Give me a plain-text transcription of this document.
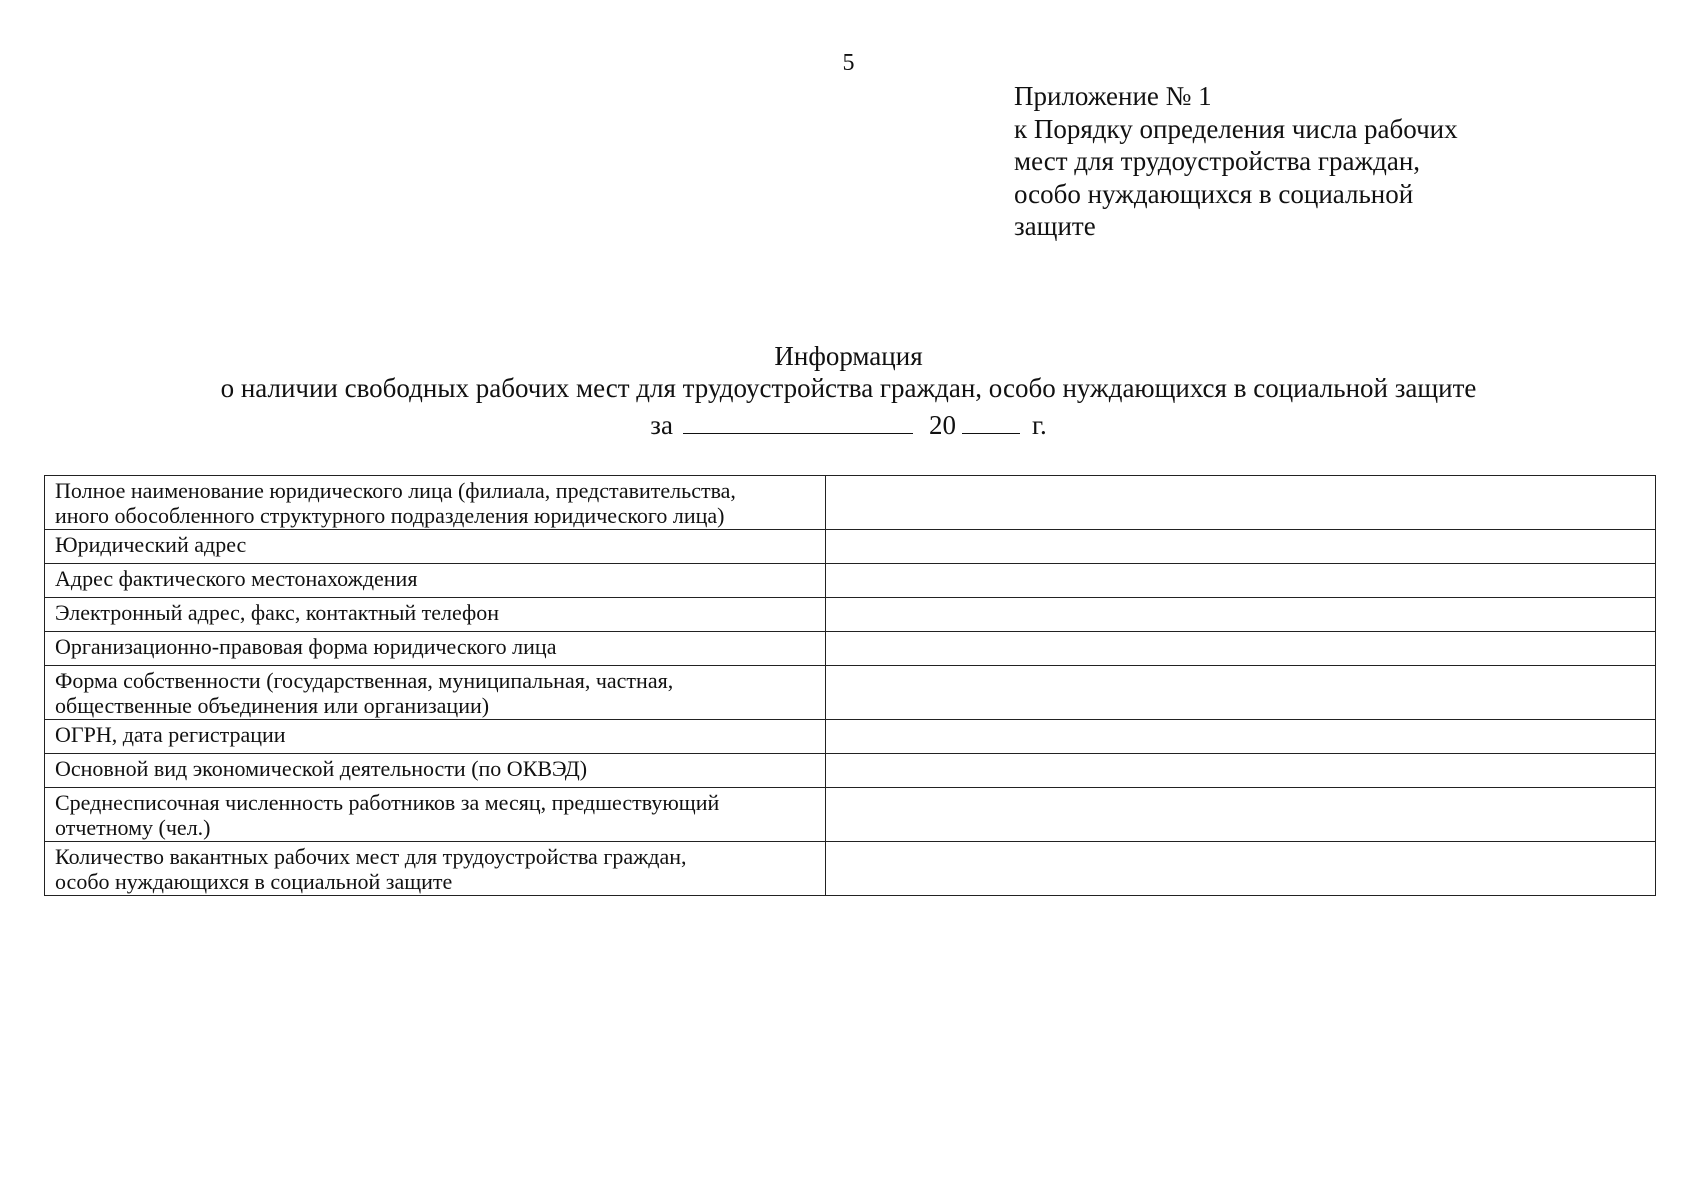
5
Приложение № 1
к Порядку определения числа рабочих
мест для трудоустройства граждан,
особо нуждающихся в социальной
защите
Информация
о наличии свободных рабочих мест для трудоустройства граждан, особо нуждающихся в социальной защите
за	20	г.
Полное наименование юридического лица (филиала, представительства,
иного обособленного структурного подразделения юридического лица)	

Юридический адрес	

Адрес фактического местонахождения	

Электронный адрес, факс, контактный телефон	

Организационно-правовая форма юридического лица	

Форма собственности (государственная, муниципальная, частная,
общественные объединения или организации)	

ОГРН, дата регистрации	

Основной вид экономической деятельности (по ОКВЭД)	

Среднесписочная численность работников за месяц, предшествующий
отчетному (чел.)	

Количество вакантных рабочих мест для трудоустройства граждан,
особо нуждающихся в социальной защите	
